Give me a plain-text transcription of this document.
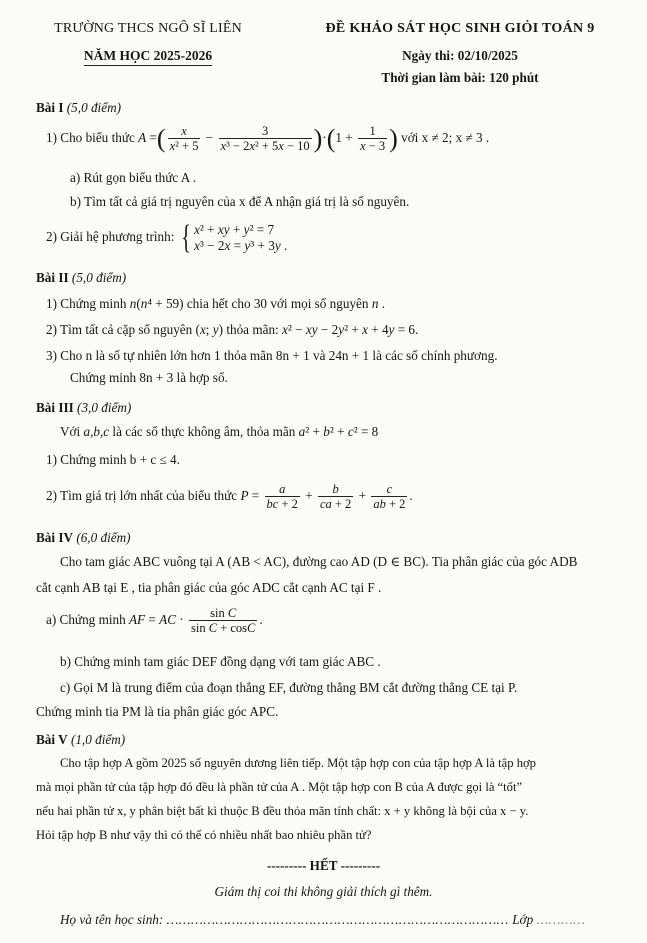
TRƯỜNG THCS NGÔ SĨ LIÊN
NĂM HỌC 2025-2026
ĐỀ KHẢO SÁT HỌC SINH GIỎI TOÁN 9
Ngày thi: 02/10/2025
Thời gian làm bài: 120 phút
Bài I (5,0 điểm)
1) Cho biểu thức A =( $\frac{x}{\text{x² + 5}} - \frac{3}{\text{x³ − 2x² + 5x − 10}} )\cdot(1 + \frac{1}{x - 3}$ ) với x ≠ 2; x ≠ 3 .
a) Rút gọn biểu thức A .
b) Tìm tất cả giá trị nguyên của x để A nhận giá trị là số nguyên.
2) Giải hệ phương trình: { x² + xy + y² = 7
x³ − 2x = y³ + 3y .
Bài II (5,0 điểm)
1) Chứng minh n(n⁴ + 59) chia hết cho 30 với mọi số nguyên n .
2) Tìm tất cả cặp số nguyên (x; y) thỏa mãn: x² − xy − 2y² + x + 4y = 6.
3) Cho n là số tự nhiên lớn hơn 1 thỏa mãn 8n + 1 và 24n + 1 là các số chính phương.
Chứng minh 8n + 3 là hợp số.
Bài III (3,0 điểm)
Với a,b,c là các số thực không âm, thỏa mãn a² + b² + c² = 8
1) Chứng minh b + c ≤ 4.
2) Tìm giá trị lớn nhất của biểu thức $P = \frac{a}{bc + 2} + \frac{b}{ca + 2} + \frac{c}{ab + 2}$ .
Bài IV (6,0 điểm)
Cho tam giác ABC vuông tại A (AB < AC), đường cao AD (D ∈ BC). Tia phân giác của góc ADB
cắt cạnh AB tại E , tia phân giác của góc ADC cắt cạnh AC tại F .
a) Chứng minh AF = AC · $\frac{\text{sin C}}{\text{sin C + cosC}}$ .
b) Chứng minh tam giác DEF đồng dạng với tam giác ABC .
c) Gọi M là trung điểm của đoạn thẳng EF, đường thẳng BM cắt đường thẳng CE tại P.
Chứng minh tia PM là tia phân giác góc APC.
Bài V (1,0 điểm)
Cho tập hợp A gồm 2025 số nguyên dương liên tiếp. Một tập hợp con của tập hợp A là tập hợp
mà mọi phần tử của tập hợp đó đều là phần tử của A . Một tập hợp con B của A được gọi là “tốt”
nếu hai phần tử x, y phân biệt bất kì thuộc B đều thỏa mãn tính chất: x + y không là bội của x − y.
Hỏi tập hợp B như vậy thì có thể có nhiều nhất bao nhiêu phần tử?
--------- HẾT ---------
Giám thị coi thi không giải thích gì thêm.
Họ và tên học sinh: ………………………………………………………………………… Lớp …………
